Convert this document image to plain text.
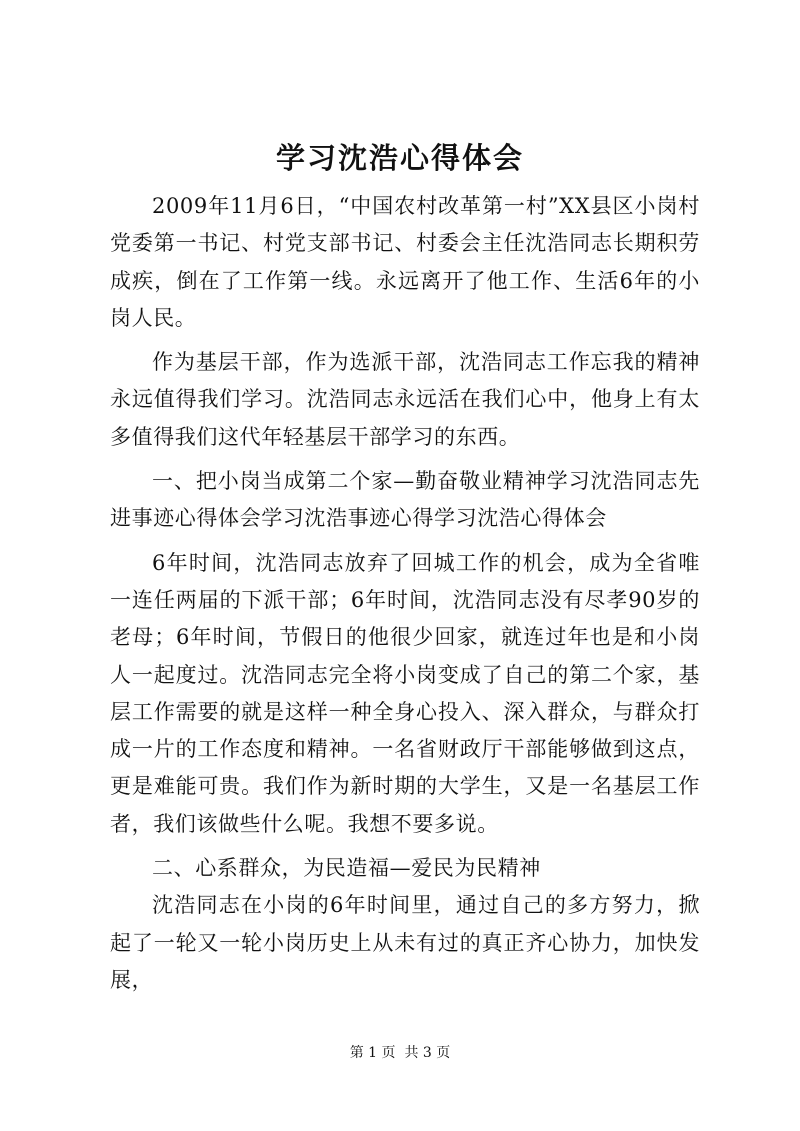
学习沈浩心得体会

2009年11月6日，“中国农村改革第一村”XX县区小岗村党委第一书记、村党支部书记、村委会主任沈浩同志长期积劳成疾，倒在了工作第一线。永远离开了他工作、生活6年的小岗人民。

作为基层干部，作为选派干部，沈浩同志工作忘我的精神永远值得我们学习。沈浩同志永远活在我们心中，他身上有太多值得我们这代年轻基层干部学习的东西。

一、把小岗当成第二个家—勤奋敬业精神学习沈浩同志先进事迹心得体会学习沈浩事迹心得学习沈浩心得体会

6年时间，沈浩同志放弃了回城工作的机会，成为全省唯一连任两届的下派干部；6年时间，沈浩同志没有尽孝90岁的老母；6年时间，节假日的他很少回家，就连过年也是和小岗人一起度过。沈浩同志完全将小岗变成了自己的第二个家，基层工作需要的就是这样一种全身心投入、深入群众，与群众打成一片的工作态度和精神。一名省财政厅干部能够做到这点，更是难能可贵。我们作为新时期的大学生，又是一名基层工作者，我们该做些什么呢。我想不要多说。

二、心系群众，为民造福—爱民为民精神

沈浩同志在小岗的6年时间里，通过自己的多方努力，掀起了一轮又一轮小岗历史上从未有过的真正齐心协力，加快发展，

第 1 页  共 3 页
